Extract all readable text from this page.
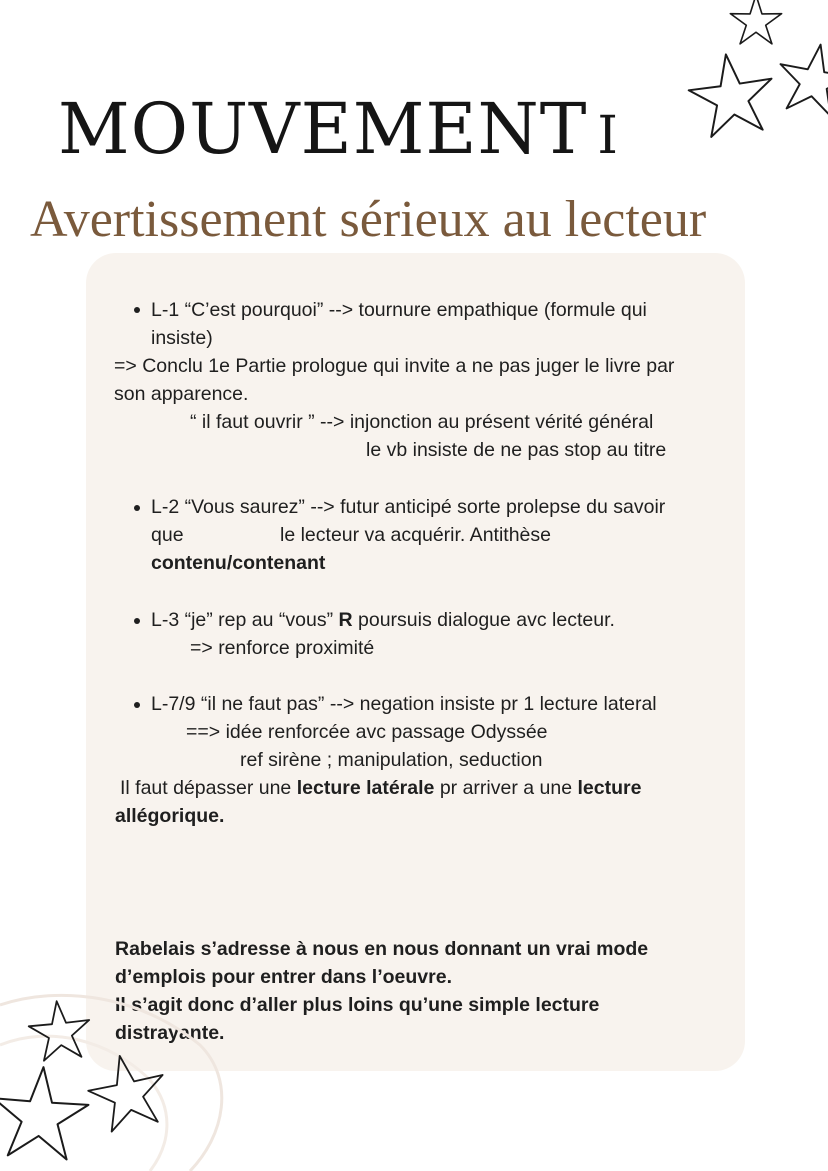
MOUVEMENT I
Avertissement sérieux au lecteur
L-1 “C’est pourquoi” --> tournure empathique (formule qui
insiste)
=> Conclu 1e Partie prologue qui invite a ne pas juger le livre par
son apparence.
“ il faut ouvrir ” --> injonction au présent vérité général
le vb insiste de ne pas stop au titre
L-2 “Vous saurez” --> futur anticipé sorte prolepse du savoir
que	le lecteur va acquérir. Antithèse
contenu/contenant
L-3 “je” rep au “vous” R poursuis dialogue avc lecteur.
=> renforce proximité
L-7/9 “il ne faut pas” --> negation insiste pr 1 lecture lateral
==> idée renforcée avc passage Odyssée
ref sirène ; manipulation, seduction
Il faut dépasser une lecture latérale pr arriver a une lecture
allégorique.
Rabelais s’adresse à nous en nous donnant un vrai mode
d’emplois pour entrer dans l’oeuvre.
Il s’agit donc d’aller plus loins qu’une simple lecture
distrayante.
